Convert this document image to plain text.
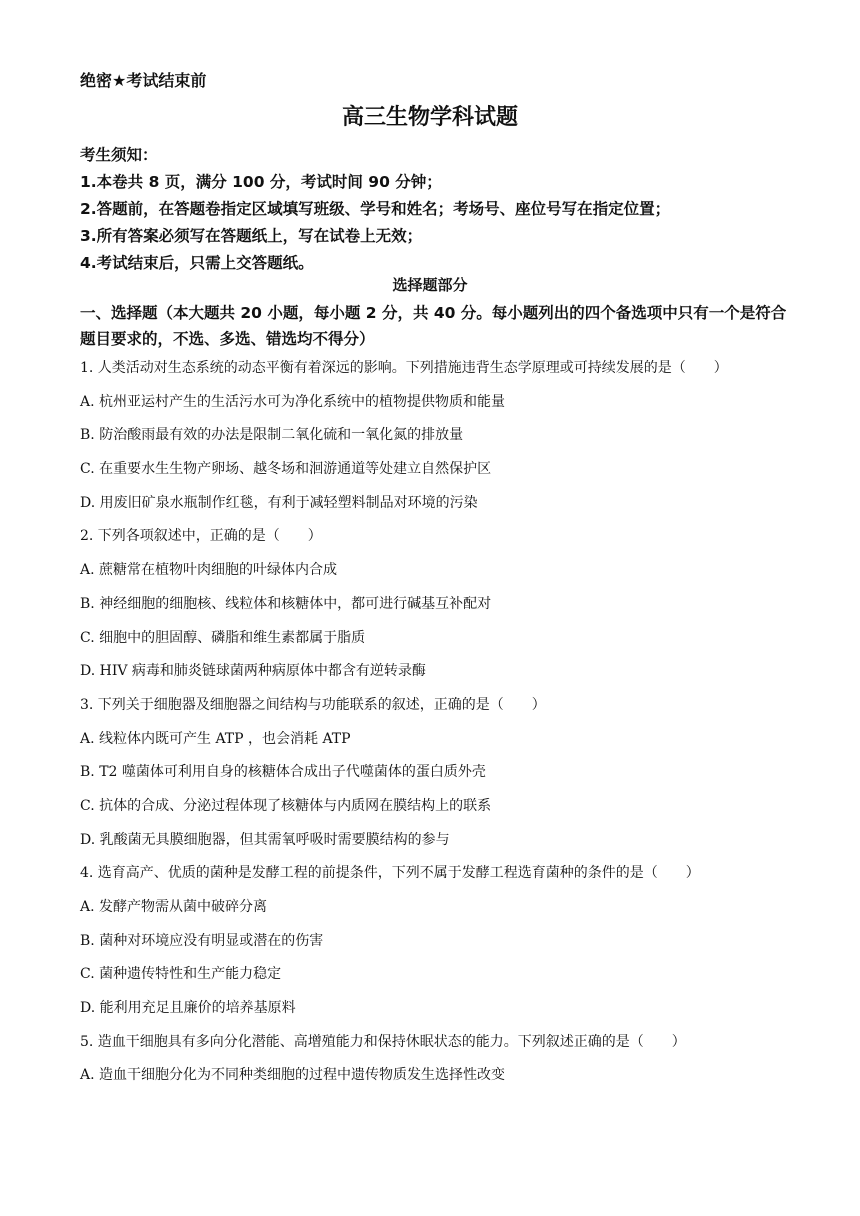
绝密★考试结束前
高三生物学科试题
考生须知：
1.本卷共 8 页，满分 100 分，考试时间 90 分钟；
2.答题前，在答题卷指定区域填写班级、学号和姓名；考场号、座位号写在指定位置；
3.所有答案必须写在答题纸上，写在试卷上无效；
4.考试结束后，只需上交答题纸。
选择题部分
一、选择题（本大题共 20 小题，每小题 2 分，共 40 分。每小题列出的四个备选项中只有一个是符合题目要求的，不选、多选、错选均不得分）
1. 人类活动对生态系统的动态平衡有着深远的影响。下列措施违背生态学原理或可持续发展的是（　　）
A. 杭州亚运村产生的生活污水可为净化系统中的植物提供物质和能量
B. 防治酸雨最有效的办法是限制二氧化硫和一氧化氮的排放量
C. 在重要水生生物产卵场、越冬场和洄游通道等处建立自然保护区
D. 用废旧矿泉水瓶制作红毯，有利于减轻塑料制品对环境的污染
2. 下列各项叙述中，正确的是（　　）
A. 蔗糖常在植物叶肉细胞的叶绿体内合成
B. 神经细胞的细胞核、线粒体和核糖体中，都可进行碱基互补配对
C. 细胞中的胆固醇、磷脂和维生素都属于脂质
D. HIV 病毒和肺炎链球菌两种病原体中都含有逆转录酶
3. 下列关于细胞器及细胞器之间结构与功能联系的叙述，正确的是（　　）
A. 线粒体内既可产生 ATP ，也会消耗 ATP
B. T2 噬菌体可利用自身的核糖体合成出子代噬菌体的蛋白质外壳
C. 抗体的合成、分泌过程体现了核糖体与内质网在膜结构上的联系
D. 乳酸菌无具膜细胞器，但其需氧呼吸时需要膜结构的参与
4. 选育高产、优质的菌种是发酵工程的前提条件，下列不属于发酵工程选育菌种的条件的是（　　）
A. 发酵产物需从菌中破碎分离
B. 菌种对环境应没有明显或潜在的伤害
C. 菌种遗传特性和生产能力稳定
D. 能利用充足且廉价的培养基原料
5. 造血干细胞具有多向分化潜能、高增殖能力和保持休眠状态的能力。下列叙述正确的是（　　）
A. 造血干细胞分化为不同种类细胞的过程中遗传物质发生选择性改变
